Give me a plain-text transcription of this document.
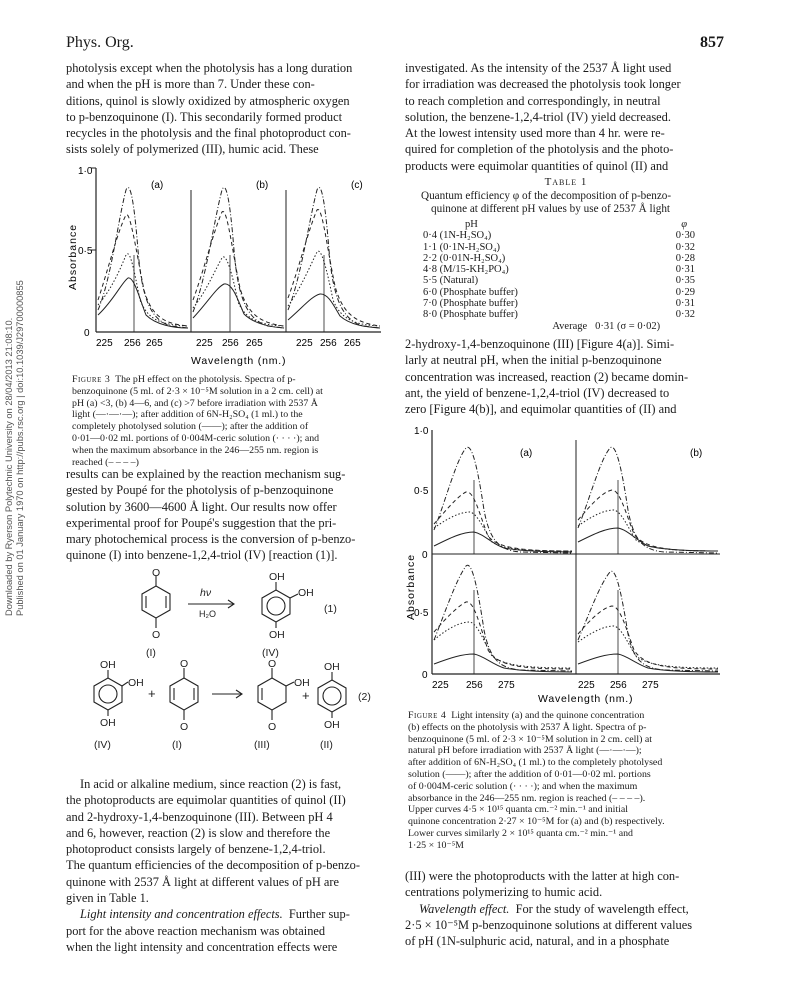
Phys. Org.	857
Downloaded by Ryerson Polytechnic University on 28/04/2013 21:08:10. Published on 01 January 1970 on http://pubs.rsc.org | doi:10.1039/J29700000855

photolysis except when the photolysis has a long duration

and when the pH is more than 7. Under these con-

ditions, quinol is slowly oxidized by atmospheric oxygen

to p-benzoquinone (I). This secondarily formed product

recycles in the photolysis and the final photoproduct con-

sists solely of polymerized (III), humic acid. These

1·0
0·5
0
Absorbance
(a)	(b)	(c)
225 256 265	225 256 265	225 256 265
Wavelength (nm.)

Figure 3 The pH effect on the photolysis. Spectra of p-

benzoquinone (5 ml. of 2·3 × 10⁻⁵M solution in a 2 cm. cell) at

pH (a) <3, (b) 4—6, and (c) >7 before irradiation with 2537 Å

light (—·—·—); after addition of 6N-H₂SO₄ (1 ml.) to the

completely photolysed solution (——); after the addition of

0·01—0·02 ml. portions of 0·004M-ceric solution (· · · ·); and

when the maximum absorbance in the 246—255 nm. region is

reached (– – – –)

results can be explained by the reaction mechanism sug-

gested by Poupé for the photolysis of p-benzoquinone

solution by 3600—4600 Å light. Our results now offer

experimental proof for Poupé's suggestion that the pri-

mary photochemical process is the conversion of p-benzo-

quinone (I) into benzene-1,2,4-triol (IV) [reaction (1)].

O
O
hν
H₂O
OH
OH
OH
(1)
(I)	(IV)
OH
OH
OH
+
O
O
O
OH
O
+
OH
OH
(2)
(IV)	(I)	(III)	(II)

In acid or alkaline medium, since reaction (2) is fast,

the photoproducts are equimolar quantities of quinol (II)

and 2-hydroxy-1,4-benzoquinone (III). Between pH 4

and 6, however, reaction (2) is slow and therefore the

photoproduct consists largely of benzene-1,2,4-triol.

The quantum efficiencies of the decomposition of p-benzo-

quinone with 2537 Å light at different values of pH are

given in Table 1.

Light intensity and concentration effects. Further sup-

port for the above reaction mechanism was obtained

when the light intensity and concentration effects were

investigated. As the intensity of the 2537 Å light used

for irradiation was decreased the photolysis took longer

to reach completion and correspondingly, in neutral

solution, the benzene-1,2,4-triol (IV) yield decreased.

At the lowest intensity used more than 4 hr. were re-

quired for completion of the photolysis and the photo-

products were equimolar quantities of quinol (II) and

Table 1
Quantum efficiency φ of the decomposition of p-benzo-
quinone at different pH values by use of 2537 Å light
pH	φ
0·4 (1N-H₂SO₄)	0·30
1·1 (0·1N-H₂SO₄)	0·32
2·2 (0·01N-H₂SO₄)	0·28
4·8 (M/15-KH₂PO₄)	0·31
5·5 (Natural)	0·35
6·0 (Phosphate buffer)	0·29
7·0 (Phosphate buffer)	0·31
8·0 (Phosphate buffer)	0·32
Average	0·31 (σ = 0·02)

2-hydroxy-1,4-benzoquinone (III) [Figure 4(a)]. Simi-

larly at neutral pH, when the initial p-benzoquinone

concentration was increased, reaction (2) became domin-

ant, the yield of benzene-1,2,4-triol (IV) decreased to

zero [Figure 4(b)], and equimolar quantities of (II) and

Absorbance
1·0
0·5
0
0·5
0
(a)	(b)
225 256 275	225 256 275
Wavelength (nm.)

Figure 4 Light intensity (a) and the quinone concentration

(b) effects on the photolysis with 2537 Å light. Spectra of p-

benzoquinone (5 ml. of 2·3 × 10⁻⁵M solution in 2 cm. cell) at

natural pH before irradiation with 2537 Å light (—·—·—);

after addition of 6N-H₂SO₄ (1 ml.) to the completely photolysed

solution (——); after the addition of 0·01—0·02 ml. portions

of 0·004M-ceric solution (· · · ·); and when the maximum

absorbance in the 246—255 nm. region is reached (– – – –).

Upper curves 4·5 × 10¹⁵ quanta cm.⁻² min.⁻¹ and initial

quinone concentration 2·27 × 10⁻⁵M for (a) and (b) respectively.

Lower curves similarly 2 × 10¹⁵ quanta cm.⁻² min.⁻¹ and

1·25 × 10⁻⁵M

(III) were the photoproducts with the latter at high con-

centrations polymerizing to humic acid.

Wavelength effect. For the study of wavelength effect,

2·5 × 10⁻⁵M p-benzoquinone solutions at different values

of pH (1N-sulphuric acid, natural, and in a phosphate
